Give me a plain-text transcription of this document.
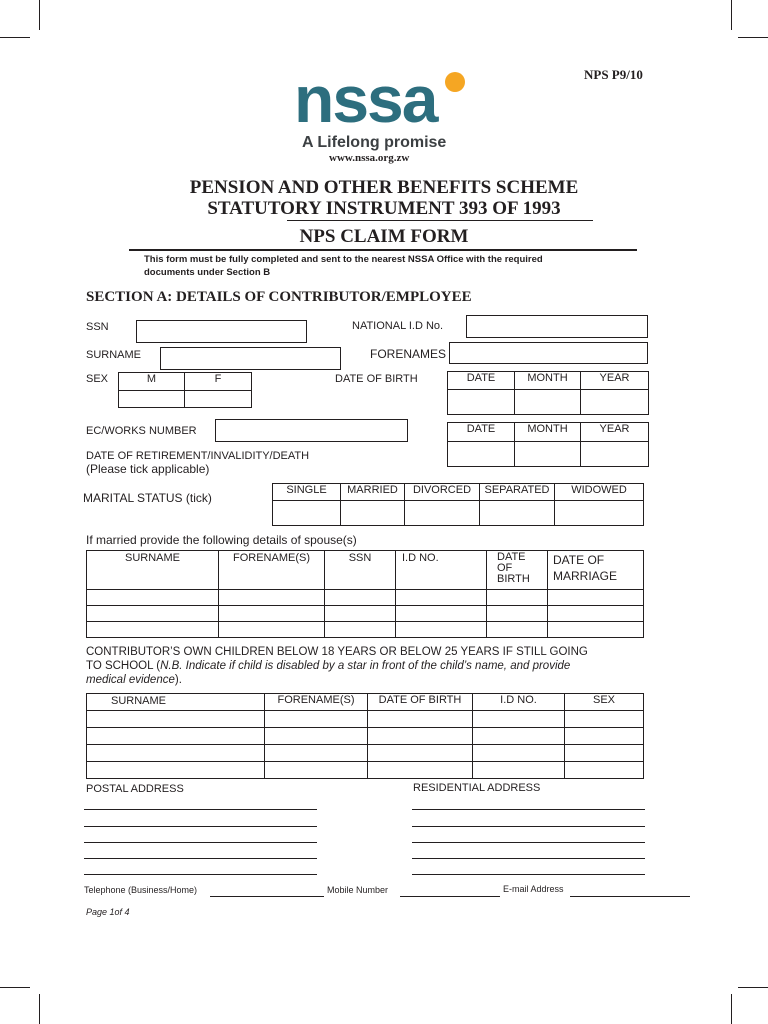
NPS P9/10
nssa
A Lifelong promise
www.nssa.org.zw
PENSION AND OTHER BENEFITS SCHEME
STATUTORY INSTRUMENT 393 OF 1993
NPS CLAIM FORM
This form must be fully completed and sent to the nearest NSSA Office with the required
documents under Section B
SECTION A: DETAILS OF CONTRIBUTOR/EMPLOYEE
SSN	NATIONAL I.D No.
SURNAME	FORENAMES
SEX	M	F
		DATE OF BIRTH	DATE	MONTH	YEAR

EC/WORKS NUMBER	DATE	MONTH	YEAR

DATE OF RETIREMENT/INVALIDITY/DEATH
(Please tick applicable)
MARITAL STATUS (tick)
SINGLE	MARRIED	DIVORCED	SEPARATED	WIDOWED

If married provide the following details of spouse(s)
SURNAME	FORENAME(S)	SSN	I.D NO.	DATE
OF
BIRTH	DATE OF
MARRIAGE

CONTRIBUTOR’S OWN CHILDREN BELOW 18 YEARS OR BELOW 25 YEARS IF STILL GOING
TO SCHOOL (N.B. Indicate if child is disabled by a star in front of the child’s name, and provide
medical evidence).
SURNAME	FORENAME(S)	DATE OF BIRTH	I.D NO.	SEX

POSTAL ADDRESS	RESIDENTIAL ADDRESS
Telephone (Business/Home)	Mobile Number	E-mail Address
Page 1of 4
